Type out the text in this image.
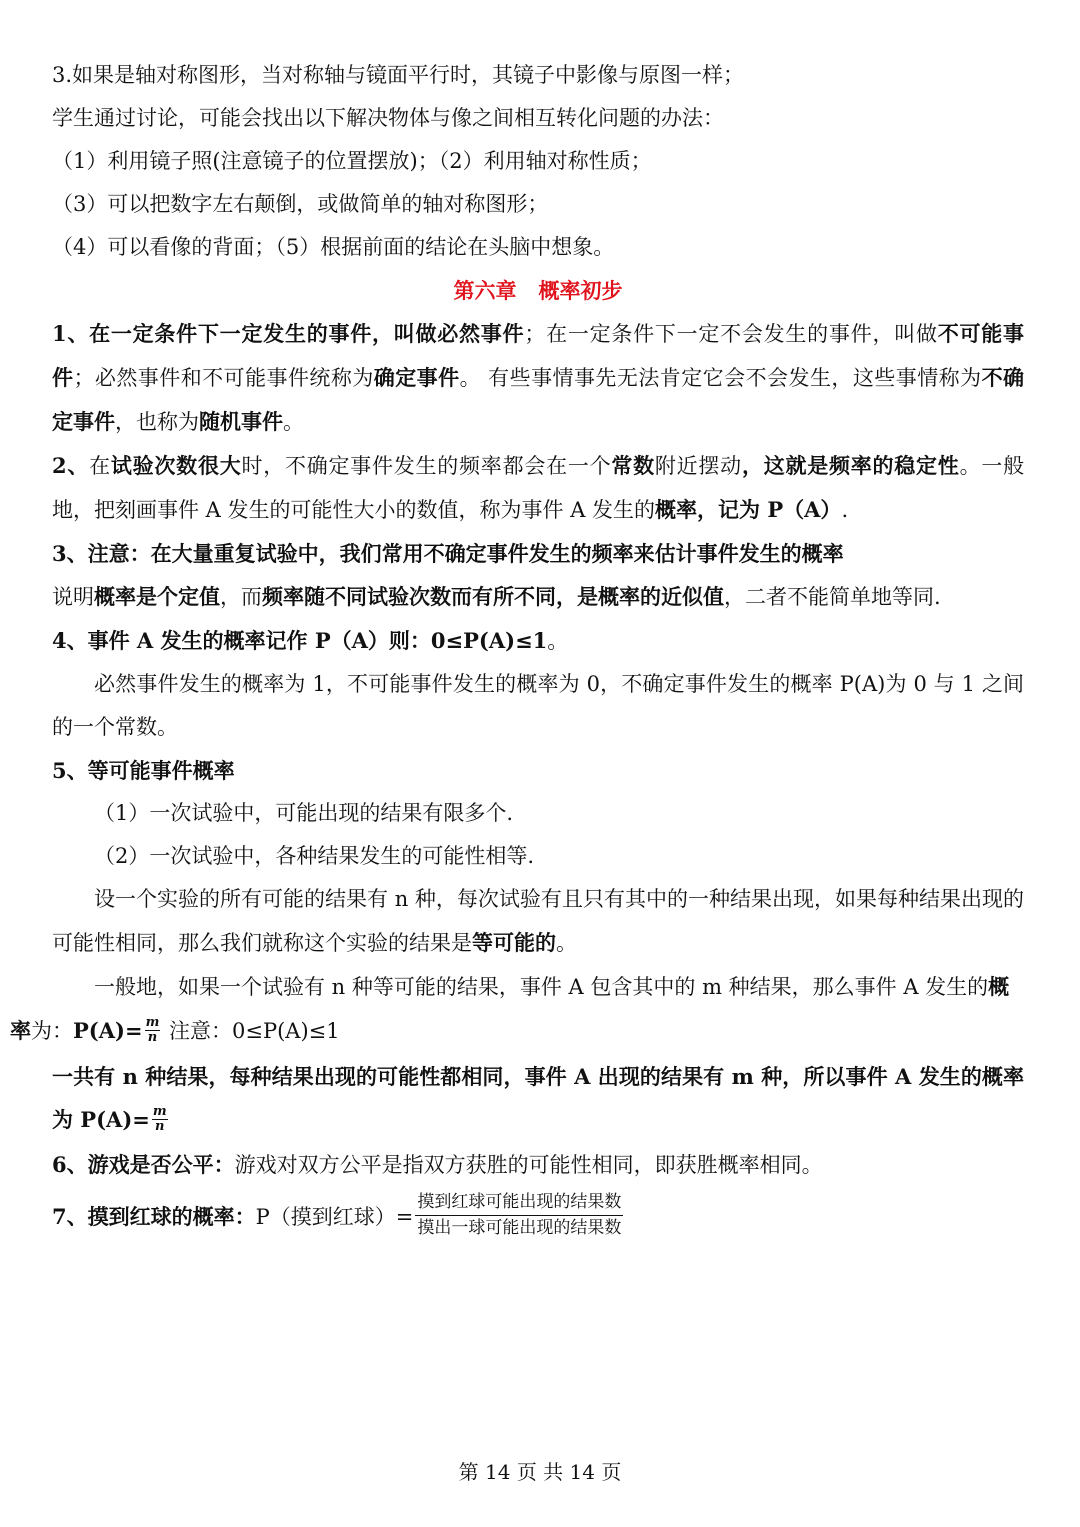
3.如果是轴对称图形，当对称轴与镜面平行时，其镜子中影像与原图一样；
学生通过讨论，可能会找出以下解决物体与像之间相互转化问题的办法：
（1）利用镜子照(注意镜子的位置摆放)；（2）利用轴对称性质；
（3）可以把数字左右颠倒，或做简单的轴对称图形；
（4）可以看像的背面；（5）根据前面的结论在头脑中想象。
第六章 概率初步
1、在一定条件下一定发生的事件，叫做必然事件；在一定条件下一定不会发生的事件，叫做不可能事件；必然事件和不可能事件统称为确定事件。 有些事情事先无法肯定它会不会发生，这些事情称为不确定事件，也称为随机事件。
2、在试验次数很大时，不确定事件发生的频率都会在一个常数附近摆动，这就是频率的稳定性。一般地，把刻画事件 A 发生的可能性大小的数值，称为事件 A 发生的概率，记为 P（A）.
3、注意：在大量重复试验中，我们常用不确定事件发生的频率来估计事件发生的概率
说明概率是个定值，而频率随不同试验次数而有所不同，是概率的近似值，二者不能简单地等同.
4、事件 A 发生的概率记作 P（A）则：0≤P(A)≤1。
必然事件发生的概率为 1，不可能事件发生的概率为 0，不确定事件发生的概率 P(A)为 0 与 1 之间的一个常数。
5、等可能事件概率
（1）一次试验中，可能出现的结果有限多个.
（2）一次试验中，各种结果发生的可能性相等.
设一个实验的所有可能的结果有 n 种，每次试验有且只有其中的一种结果出现，如果每种结果出现的可能性相同，那么我们就称这个实验的结果是等可能的。
一般地，如果一个试验有 n 种等可能的结果，事件 A 包含其中的 m 种结果，那么事件 A 发生的概
率为：$P(A)= \frac{m}{n}$ 注意：0≤P(A)≤1
一共有 n 种结果，每种结果出现的可能性都相同，事件 A 出现的结果有 m 种，所以事件 A 发生的概率为 $P(A)= \frac{m}{n}$
6、游戏是否公平：游戏对双方公平是指双方获胜的可能性相同，即获胜概率相同。
7、摸到红球的概率：P（摸到红球）= $\frac{\text{摸到红球可能出现的结果数}}{\text{摸出一球可能出现的结果数}}$
第 14 页 共 14 页
